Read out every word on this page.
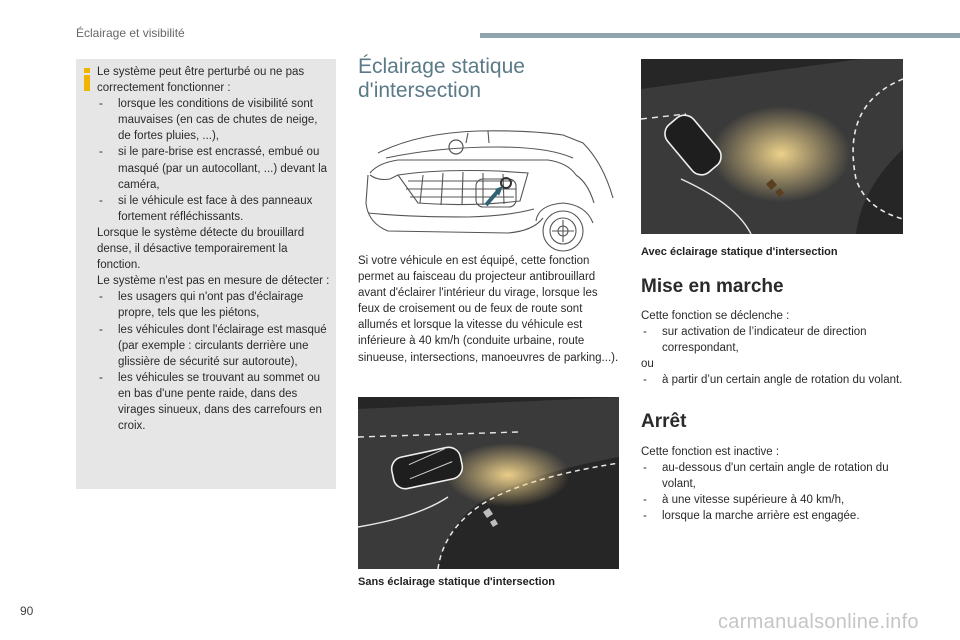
Éclairage et visibilité

Le système peut être perturbé ou ne pas correctement fonctionner :

- lorsque les conditions de visibilité sont mauvaises (en cas de chutes de neige, de fortes pluies, ...),

- si le pare-brise est encrassé, embué ou masqué (par un autocollant, ...) devant la caméra,

- si le véhicule est face à des panneaux fortement réfléchissants.

Lorsque le système détecte du brouillard dense, il désactive temporairement la fonction.

Le système n'est pas en mesure de détecter :

- les usagers qui n'ont pas d'éclairage propre, tels que les piétons,

- les véhicules dont l'éclairage est masqué (par exemple : circulants derrière une glissière de sécurité sur autoroute),

- les véhicules se trouvant au sommet ou en bas d'une pente raide, dans des virages sinueux, dans des carrefours en croix.

Éclairage statique d'intersection
Si votre véhicule en est équipé, cette fonction permet au faisceau du projecteur antibrouillard avant d'éclairer l'intérieur du virage, lorsque les feux de croisement ou de feux de route sont allumés et lorsque la vitesse du véhicule est inférieure à 40 km/h (conduite urbaine, route sinueuse, intersections, manoeuvres de parking...).
Sans éclairage statique d'intersection
Avec éclairage statique d'intersection
Mise en marche

Cette fonction se déclenche :

- sur activation de l’indicateur de direction correspondant,

ou

- à partir d’un certain angle de rotation du volant.

Arrêt

Cette fonction est inactive :

- au-dessous d'un certain angle de rotation du volant,

- à une vitesse supérieure à 40 km/h,

- lorsque la marche arrière est engagée.

90	carmanualsonline.info
